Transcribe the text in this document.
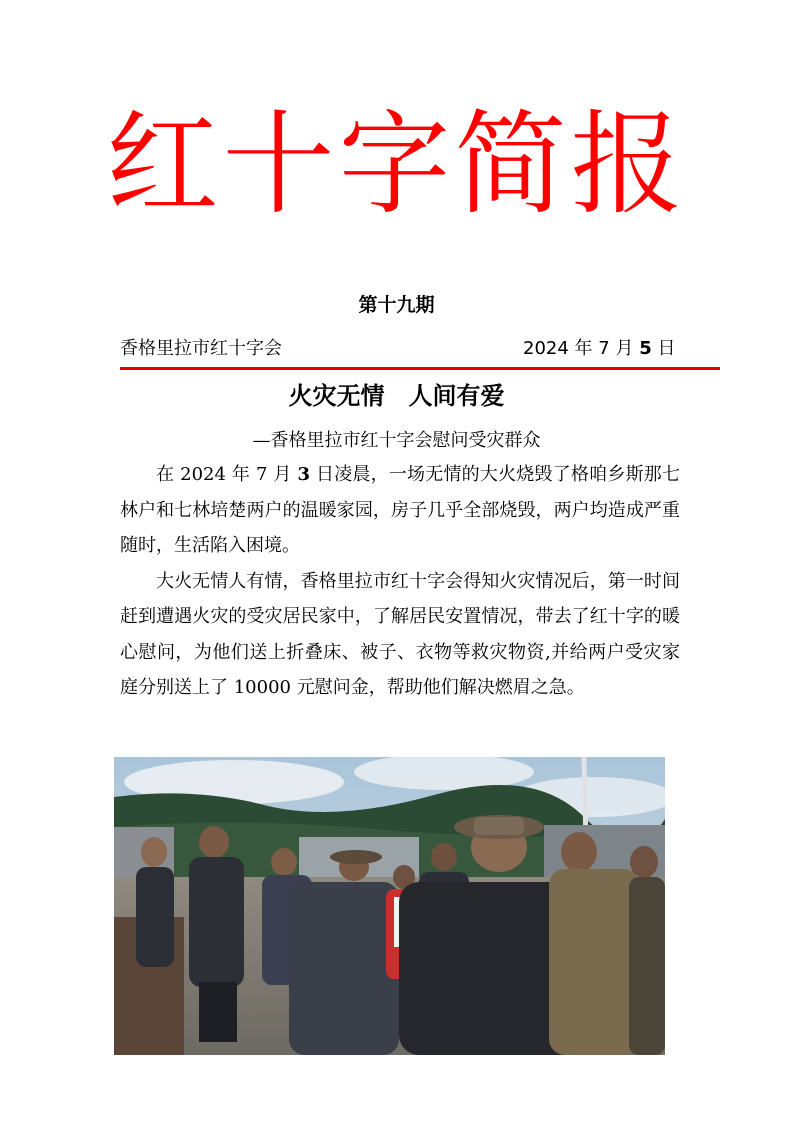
红十字简报
第十九期
香格里拉市红十字会	2024 年 7 月 5 日
火灾无情　人间有爱
—香格里拉市红十字会慰问受灾群众

在 2024 年 7 月 3 日凌晨，一场无情的大火烧毁了格咱乡斯那七林户和七林培楚两户的温暖家园，房子几乎全部烧毁，两户均造成严重随时，生活陷入困境。

大火无情人有情，香格里拉市红十字会得知火灾情况后，第一时间赶到遭遇火灾的受灾居民家中，了解居民安置情况，带去了红十字的暖心慰问，为他们送上折叠床、被子、衣物等救灾物资,并给两户受灾家庭分别送上了 10000 元慰问金，帮助他们解决燃眉之急。
